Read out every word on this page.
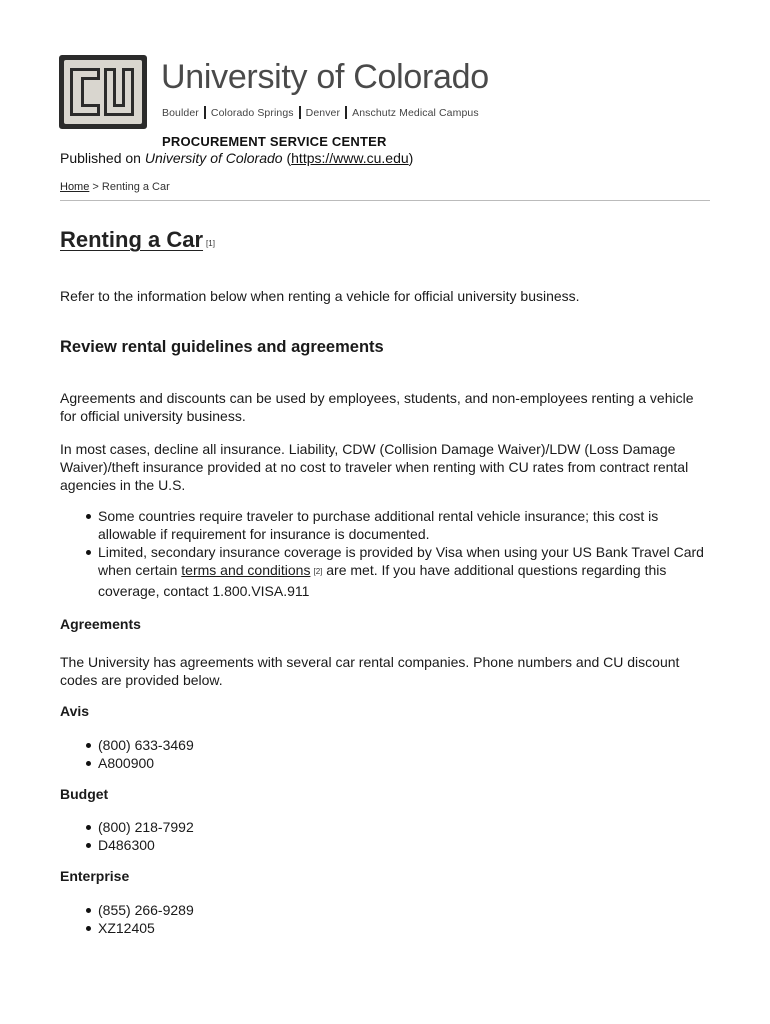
University of Colorado
Boulder Colorado Springs Denver Anschutz Medical Campus
PROCUREMENT SERVICE CENTER
Published on University of Colorado (https://www.cu.edu)
Home > Renting a Car
Renting a Car [1]
Refer to the information below when renting a vehicle for official university business.
Review rental guidelines and agreements
Agreements and discounts can be used by employees, students, and non-employees renting a vehicle for official university business.
In most cases, decline all insurance. Liability, CDW (Collision Damage Waiver)/LDW (Loss Damage Waiver)/theft insurance provided at no cost to traveler when renting with CU rates from contract rental agencies in the U.S.
Some countries require traveler to purchase additional rental vehicle insurance; this cost is allowable if requirement for insurance is documented.
Limited, secondary insurance coverage is provided by Visa when using your US Bank Travel Card when certain terms and conditions [2] are met. If you have additional questions regarding this coverage, contact 1.800.VISA.911
Agreements
The University has agreements with several car rental companies. Phone numbers and CU discount codes are provided below.
Avis
(800) 633-3469
A800900
Budget
(800) 218-7992
D486300
Enterprise
(855) 266-9289
XZ12405
